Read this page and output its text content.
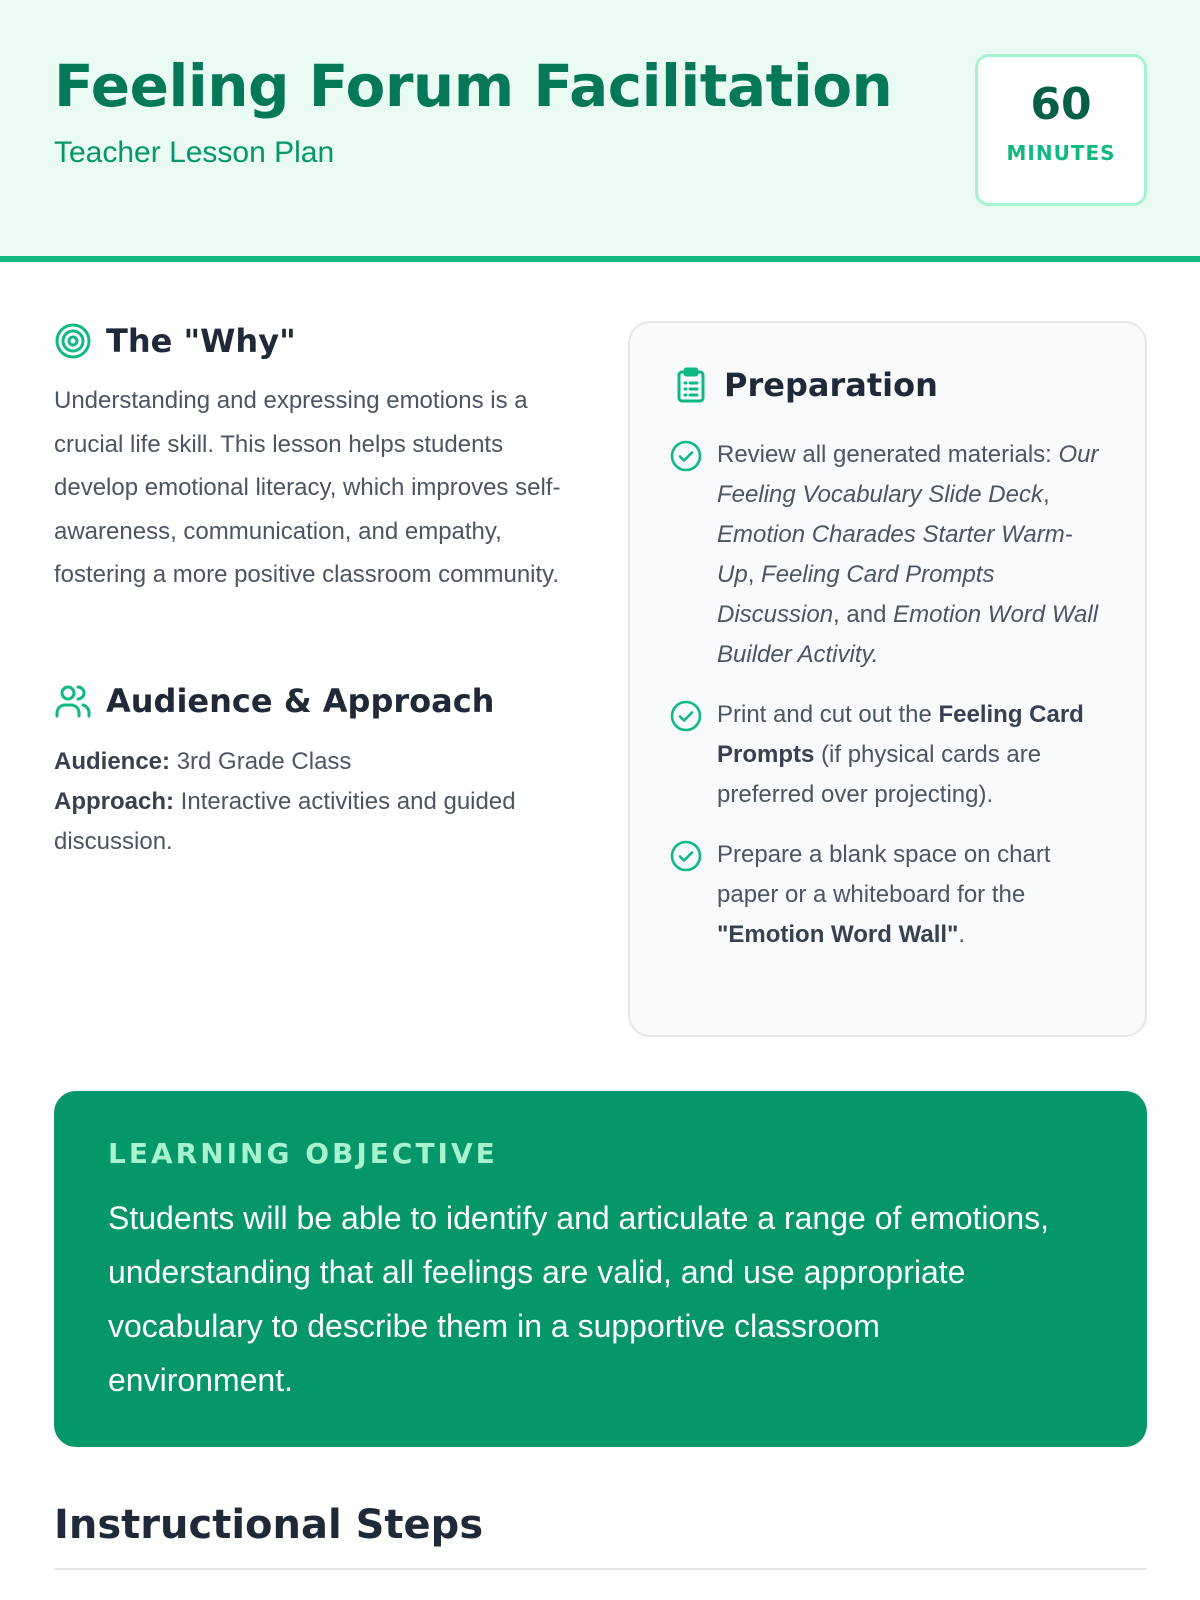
Feeling Forum Facilitation
Teacher Lesson Plan
60
MINUTES
The "Why"

Understanding and expressing emotions is a crucial life skill. This lesson helps students develop emotional literacy, which improves self-awareness, communication, and empathy, fostering a more positive classroom community.

Audience & Approach
Audience: 3rd Grade Class
Approach: Interactive activities and guided discussion.
Preparation
Review all generated materials: Our Feeling Vocabulary Slide Deck, Emotion Charades Starter Warm-Up, Feeling Card Prompts Discussion, and Emotion Word Wall Builder Activity.
Print and cut out the Feeling Card Prompts (if physical cards are preferred over projecting).
Prepare a blank space on chart paper or a whiteboard for the "Emotion Word Wall".
LEARNING OBJECTIVE

Students will be able to identify and articulate a range of emotions, understanding that all feelings are valid, and use appropriate vocabulary to describe them in a supportive classroom environment.

Instructional Steps
